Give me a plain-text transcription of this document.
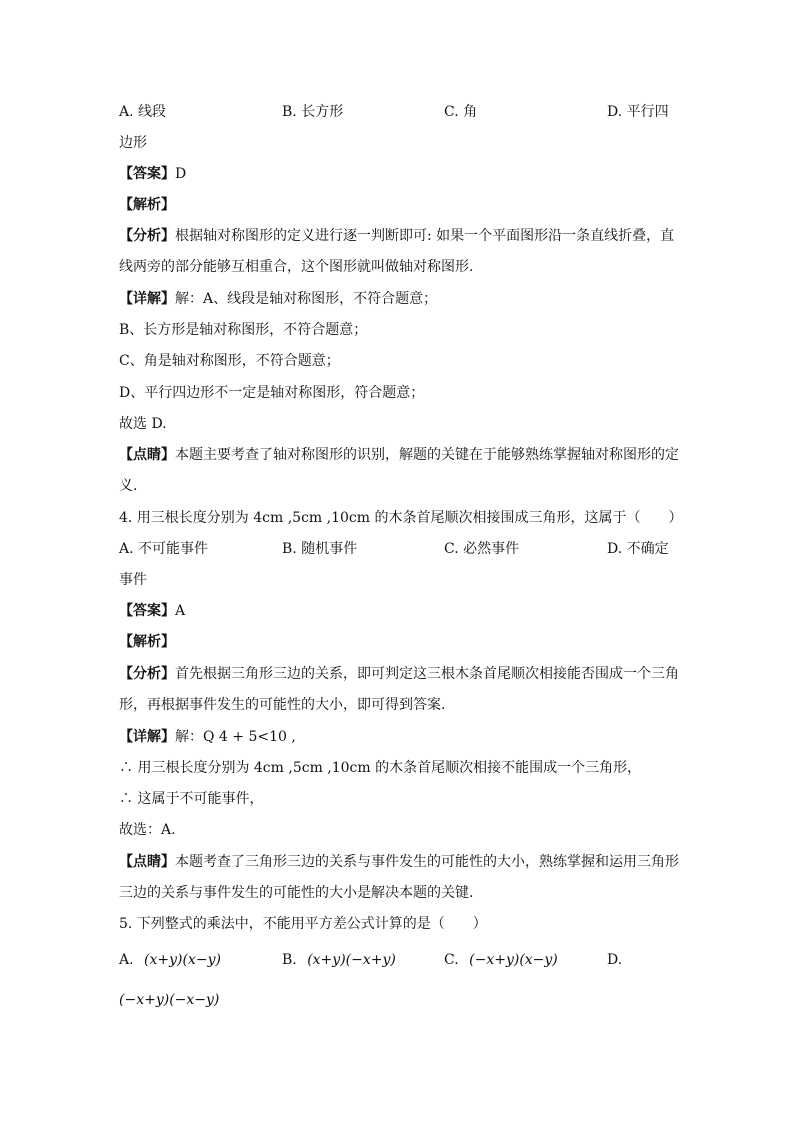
A. 线段	B. 长方形	C. 角	D. 平行四
边形
【答案】D
【解析】
【分析】根据轴对称图形的定义进行逐一判断即可: 如果一个平面图形沿一条直线折叠，直
线两旁的部分能够互相重合，这个图形就叫做轴对称图形.
【详解】解：A、线段是轴对称图形，不符合题意；
B、长方形是轴对称图形，不符合题意；
C、角是轴对称图形，不符合题意；
D、平行四边形不一定是轴对称图形，符合题意；
故选 D.
【点睛】本题主要考查了轴对称图形的识别，解题的关键在于能够熟练掌握轴对称图形的定
义.
4. 用三根长度分别为 4cm ,5cm ,10cm 的木条首尾顺次相接围成三角形，这属于（　　）
A. 不可能事件	B. 随机事件	C. 必然事件	D. 不确定
事件
【答案】A
【解析】
【分析】首先根据三角形三边的关系，即可判定这三根木条首尾顺次相接能否围成一个三角
形，再根据事件发生的可能性的大小，即可得到答案.
【详解】解：Q 4 + 5<10 ,
∴ 用三根长度分别为 4cm ,5cm ,10cm 的木条首尾顺次相接不能围成一个三角形，
∴ 这属于不可能事件，
故选：A.
【点睛】本题考查了三角形三边的关系与事件发生的可能性的大小，熟练掌握和运用三角形
三边的关系与事件发生的可能性的大小是解决本题的关键.
5. 下列整式的乘法中，不能用平方差公式计算的是（　　）
A. (x+y)(x−y)	B. (x+y)(−x+y)	C. (−x+y)(x−y)	D.
(−x+y)(−x−y)
